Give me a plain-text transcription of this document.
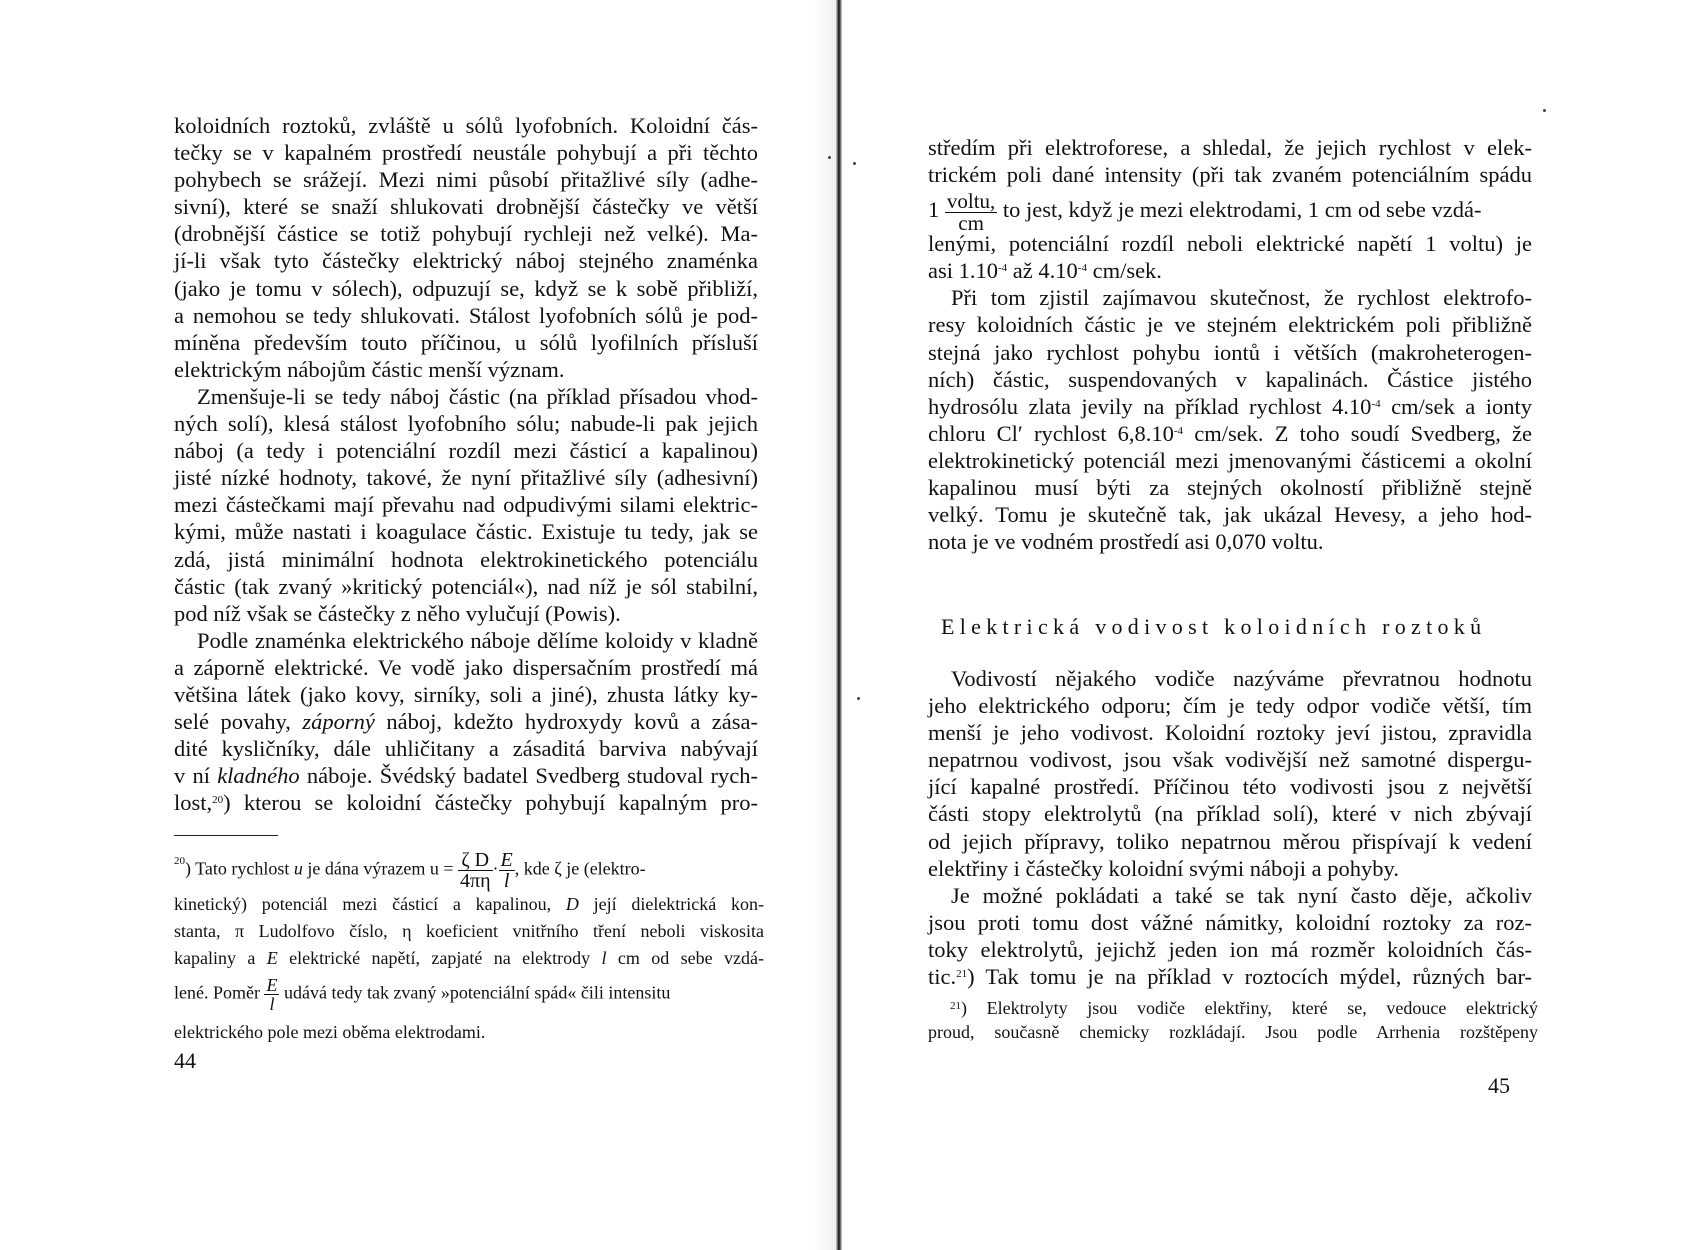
koloidních roztoků, zvláště u sólů lyofobních. Koloidní čás-
tečky se v kapalném prostředí neustále pohybují a při těchto
pohybech se srážejí. Mezi nimi působí přitažlivé síly (adhe-
sivní), které se snaží shlukovati drobnější částečky ve větší
(drobnější částice se totiž pohybují rychleji než velké). Ma-
jí-li však tyto částečky elektrický náboj stejného znaménka
(jako je tomu v sólech), odpuzují se, když se k sobě přibliží,
a nemohou se tedy shlukovati. Stálost lyofobních sólů je pod-
míněna především touto příčinou, u sólů lyofilních přísluší
elektrickým nábojům částic menší význam.
Zmenšuje-li se tedy náboj částic (na příklad přísadou vhod-
ných solí), klesá stálost lyofobního sólu; nabude-li pak jejich
náboj (a tedy i potenciální rozdíl mezi částicí a kapalinou)
jisté nízké hodnoty, takové, že nyní přitažlivé síly (adhesivní)
mezi částečkami mají převahu nad odpudivými silami elektric-
kými, může nastati i koagulace částic. Existuje tu tedy, jak se
zdá, jistá minimální hodnota elektrokinetického potenciálu
částic (tak zvaný »kritický potenciál«), nad níž je sól stabilní,
pod níž však se částečky z něho vylučují (Powis).
Podle znaménka elektrického náboje dělíme koloidy v kladně
a záporně elektrické. Ve vodě jako dispersačním prostředí má
většina látek (jako kovy, sirníky, soli a jiné), zhusta látky ky-
selé povahy, záporný náboj, kdežto hydroxydy kovů a zása-
dité kysličníky, dále uhličitany a zásaditá barviva nabývají
v ní kladného náboje. Švédský badatel Svedberg studoval rych-
lost,$^{20}$) kterou se koloidní částečky pohybují kapalným pro-
$^{20}$) Tato rychlost u je dána výrazem $u = \frac{\text{ζ D}}{4\pi\eta} \cdot \frac{E}{l}$ , kde ζ je (elektro-
kinetický) potenciál mezi částicí a kapalinou, D její dielektrická kon-
stanta, π Ludolfovo číslo, η koeficient vnitřního tření neboli viskosita
kapaliny a E elektrické napětí, zapjaté na elektrody l cm od sebe vzdá-
lené. Poměr $\frac{E}{l}$ udává tedy tak zvaný »potenciální spád« čili intensitu
elektrického pole mezi oběma elektrodami.
44
středím při elektroforese, a shledal, že jejich rychlost v elek-
trickém poli dané intensity (při tak zvaném potenciálním spádu
$1 \frac{\text{voltu,}}{cm}$ to jest, když je mezi elektrodami, 1 cm od sebe vzdá-
lenými, potenciální rozdíl neboli elektrické napětí 1 voltu) je
asi $1.10^{-4}$ až $4.10^{-4}$ cm/sek.
Při tom zjistil zajímavou skutečnost, že rychlost elektrofo-
resy koloidních částic je ve stejném elektrickém poli přibližně
stejná jako rychlost pohybu iontů i větších (makroheterogen-
ních) částic, suspendovaných v kapalinách. Částice jistého
hydrosólu zlata jevily na příklad rychlost $4.10^{-4}$ cm/sek a ionty
chloru Cl′ rychlost $6,8.10^{-4}$ cm/sek. Z toho soudí Svedberg, že
elektrokinetický potenciál mezi jmenovanými částicemi a okolní
kapalinou musí býti za stejných okolností přibližně stejně
velký. Tomu je skutečně tak, jak ukázal Hevesy, a jeho hod-
nota je ve vodném prostředí asi 0,070 voltu.
Elektrická vodivost koloidních roztoků
Vodivostí nějakého vodiče nazýváme převratnou hodnotu
jeho elektrického odporu; čím je tedy odpor vodiče větší, tím
menší je jeho vodivost. Koloidní roztoky jeví jistou, zpravidla
nepatrnou vodivost, jsou však vodivější než samotné dispergu-
jící kapalné prostředí. Příčinou této vodivosti jsou z největší
části stopy elektrolytů (na příklad solí), které v nich zbývají
od jejich přípravy, toliko nepatrnou měrou přispívají k vedení
elektřiny i částečky koloidní svými náboji a pohyby.
Je možné pokládati a také se tak nyní často děje, ačkoliv
jsou proti tomu dost vážné námitky, koloidní roztoky za roz-
toky elektrolytů, jejichž jeden ion má rozměr koloidních čás-
tic.$^{21}$) Tak tomu je na příklad v roztocích mýdel, různých bar-
$^{21}$) Elektrolyty jsou vodiče elektřiny, které se, vedouce elektrický
proud, současně chemicky rozkládají. Jsou podle Arrhenia rozštěpeny
45
